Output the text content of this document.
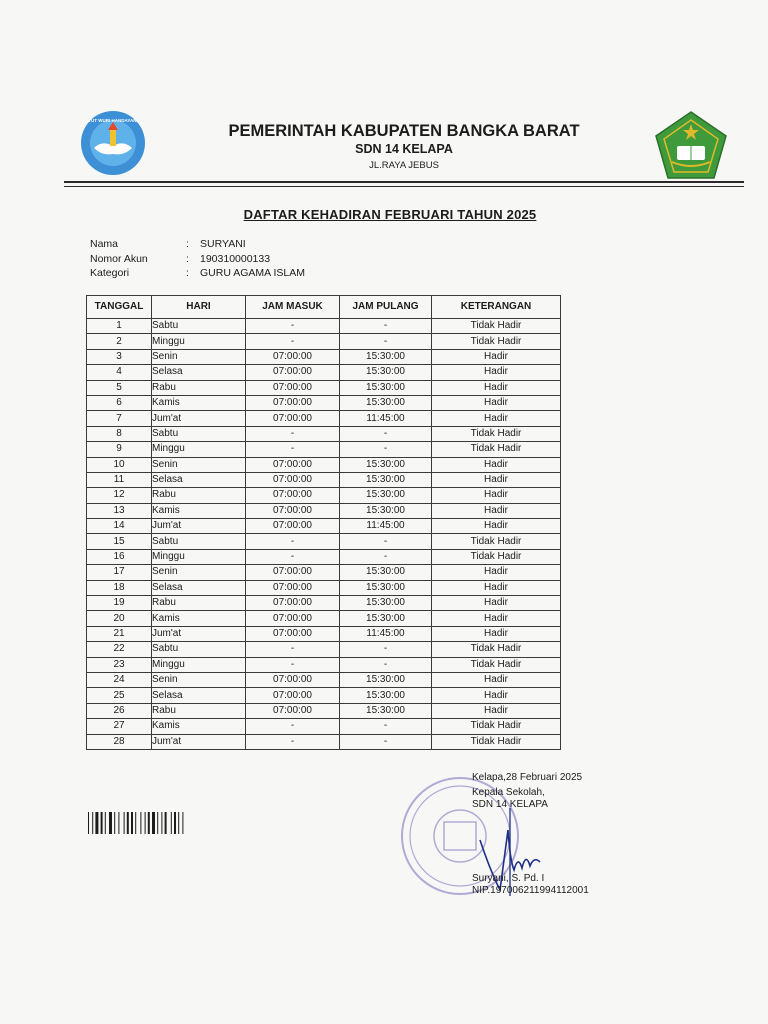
TUT WURI HANDAYANI
PEMERINTAH KABUPATEN BANGKA BARAT
SDN 14 KELAPA
JL.RAYA JEBUS
DAFTAR KEHADIRAN FEBRUARI TAHUN 2025
Nama	:	SURYANI
Nomor Akun	:	190310000133
Kategori	:	GURU AGAMA ISLAM
TANGGAL	HARI	JAM MASUK	JAM PULANG	KETERANGAN
1	Sabtu	-	-	Tidak Hadir
2	Minggu	-	-	Tidak Hadir
3	Senin	07:00:00	15:30:00	Hadir
4	Selasa	07:00:00	15:30:00	Hadir
5	Rabu	07:00:00	15:30:00	Hadir
6	Kamis	07:00:00	15:30:00	Hadir
7	Jum'at	07:00:00	11:45:00	Hadir
8	Sabtu	-	-	Tidak Hadir
9	Minggu	-	-	Tidak Hadir
10	Senin	07:00:00	15:30:00	Hadir
11	Selasa	07:00:00	15:30:00	Hadir
12	Rabu	07:00:00	15:30:00	Hadir
13	Kamis	07:00:00	15:30:00	Hadir
14	Jum'at	07:00:00	11:45:00	Hadir
15	Sabtu	-	-	Tidak Hadir
16	Minggu	-	-	Tidak Hadir
17	Senin	07:00:00	15:30:00	Hadir
18	Selasa	07:00:00	15:30:00	Hadir
19	Rabu	07:00:00	15:30:00	Hadir
20	Kamis	07:00:00	15:30:00	Hadir
21	Jum'at	07:00:00	11:45:00	Hadir
22	Sabtu	-	-	Tidak Hadir
23	Minggu	-	-	Tidak Hadir
24	Senin	07:00:00	15:30:00	Hadir
25	Selasa	07:00:00	15:30:00	Hadir
26	Rabu	07:00:00	15:30:00	Hadir
27	Kamis	-	-	Tidak Hadir
28	Jum'at	-	-	Tidak Hadir
Kelapa,28 Februari 2025
Kepala Sekolah,
SDN 14 KELAPA
Suryani, S. Pd. I
NIP.197006211994112001
